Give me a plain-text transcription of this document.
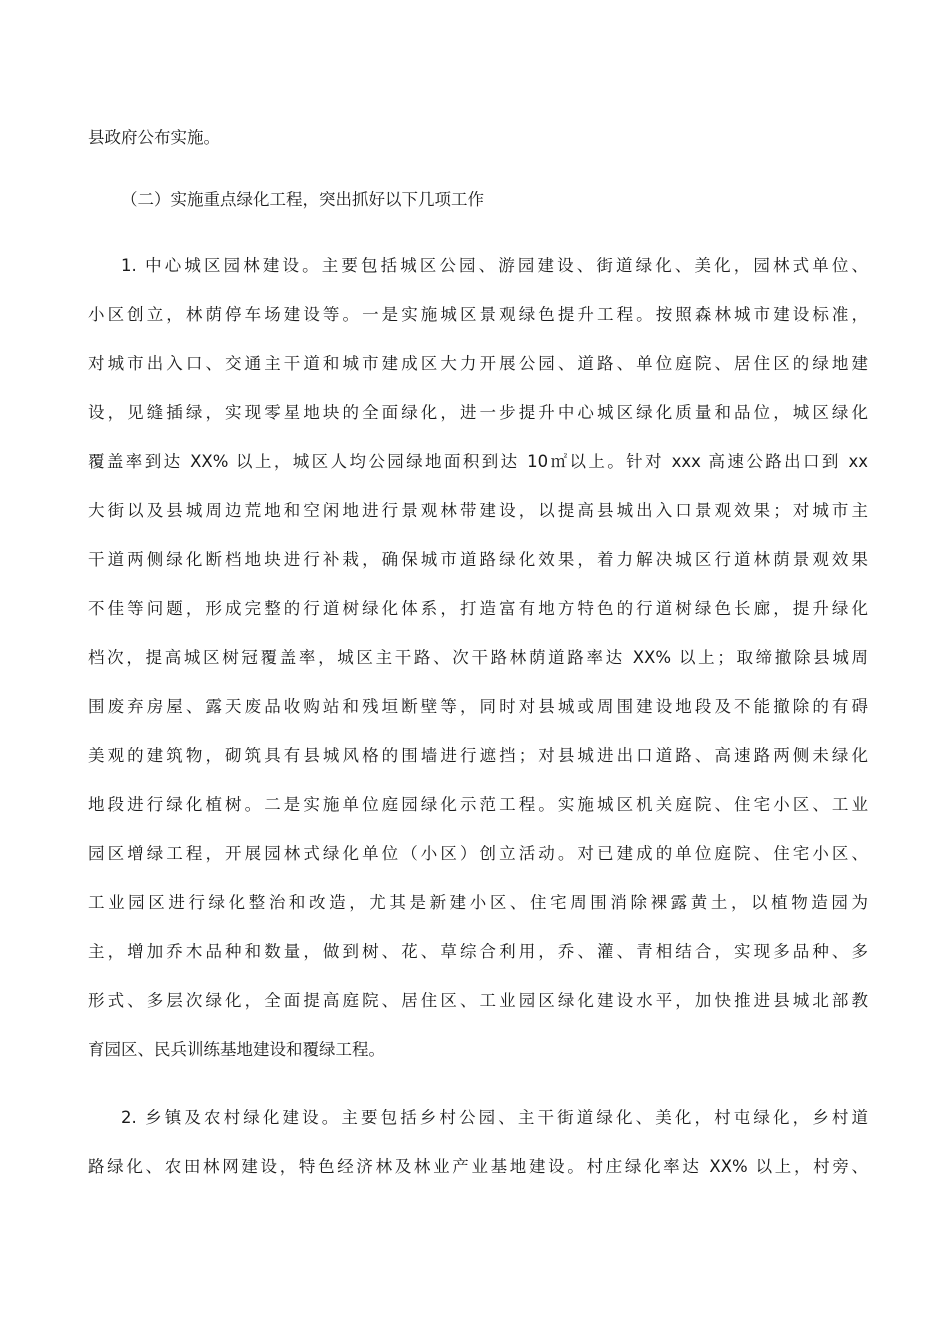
县政府公布实施。

（二）实施重点绿化工程，突出抓好以下几项工作

1. 中心城区园林建设。主要包括城区公园、游园建设、街道绿化、美化，园林式单位、

小区创立，林荫停车场建设等。一是实施城区景观绿色提升工程。按照森林城市建设标准，

对城市出入口、交通主干道和城市建成区大力开展公园、道路、单位庭院、居住区的绿地建

设，见缝插绿，实现零星地块的全面绿化，进一步提升中心城区绿化质量和品位，城区绿化

覆盖率到达 XX% 以上，城区人均公园绿地面积到达 10㎡以上。针对 xxx 高速公路出口到 xx

大街以及县城周边荒地和空闲地进行景观林带建设，以提高县城出入口景观效果；对城市主

干道两侧绿化断档地块进行补栽，确保城市道路绿化效果，着力解决城区行道林荫景观效果

不佳等问题，形成完整的行道树绿化体系，打造富有地方特色的行道树绿色长廊，提升绿化

档次，提高城区树冠覆盖率，城区主干路、次干路林荫道路率达 XX% 以上；取缔撤除县城周

围废弃房屋、露天废品收购站和残垣断壁等，同时对县城或周围建设地段及不能撤除的有碍

美观的建筑物，砌筑具有县城风格的围墙进行遮挡；对县城进出口道路、高速路两侧未绿化

地段进行绿化植树。二是实施单位庭园绿化示范工程。实施城区机关庭院、住宅小区、工业

园区增绿工程，开展园林式绿化单位（小区）创立活动。对已建成的单位庭院、住宅小区、

工业园区进行绿化整治和改造，尤其是新建小区、住宅周围消除裸露黄土，以植物造园为

主，增加乔木品种和数量，做到树、花、草综合利用，乔、灌、青相结合，实现多品种、多

形式、多层次绿化，全面提高庭院、居住区、工业园区绿化建设水平，加快推进县城北部教

育园区、民兵训练基地建设和覆绿工程。

2. 乡镇及农村绿化建设。主要包括乡村公园、主干街道绿化、美化，村屯绿化，乡村道

路绿化、农田林网建设，特色经济林及林业产业基地建设。村庄绿化率达 XX% 以上，村旁、
